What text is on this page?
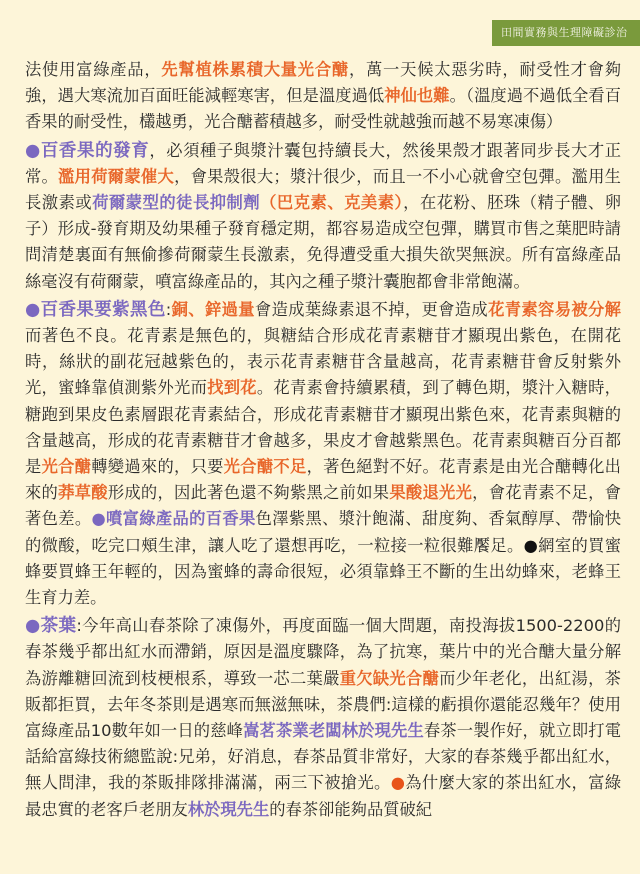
田間實務與生理障礙診治

法使用富綠產品，先幫植株累積大量光合醣，萬一天候太惡劣時，耐受性才會夠強，遇大寒流加百面旺能減輕寒害，但是溫度過低神仙也難。（溫度過不過低全看百香果的耐受性，欉越勇，光合醣蓄積越多，耐受性就越強而越不易寒凍傷）

●百香果的發育，必須種子與漿汁囊包持續長大，然後果殼才跟著同步長大才正常。濫用荷爾蒙催大，會果殼很大；漿汁很少，而且一不小心就會空包彈。濫用生長激素或荷爾蒙型的徒長抑制劑（巴克素、克美素），在花粉、胚珠（精子體、卵子）形成-發育期及幼果種子發育穩定期，都容易造成空包彈，購買市售之葉肥時請問清楚裏面有無偷摻荷爾蒙生長激素，免得遭受重大損失欲哭無淚。所有富綠產品絲毫沒有荷爾蒙，噴富綠產品的，其內之種子漿汁囊胞都會非常飽滿。

●百香果要紫黑色:銅、鋅過量會造成葉綠素退不掉，更會造成花青素容易被分解而著色不良。花青素是無色的，與糖結合形成花青素糖苷才顯現出紫色，在開花時，絲狀的副花冠越紫色的，表示花青素糖苷含量越高，花青素糖苷會反射紫外光，蜜蜂靠偵測紫外光而找到花。花青素會持續累積，到了轉色期，漿汁入糖時，糖跑到果皮色素層跟花青素結合，形成花青素糖苷才顯現出紫色來，花青素與糖的含量越高，形成的花青素糖苷才會越多，果皮才會越紫黑色。花青素與糖百分百都是光合醣轉變過來的，只要光合醣不足，著色絕對不好。花青素是由光合醣轉化出來的莽草酸形成的，因此著色還不夠紫黑之前如果果酸退光光，會花青素不足，會著色差。●噴富綠產品的百香果色澤紫黑、漿汁飽滿、甜度夠、香氣醇厚、帶愉快的微酸，吃完口頰生津，讓人吃了還想再吃，一粒接一粒很難饜足。●網室的買蜜蜂要買蜂王年輕的，因為蜜蜂的壽命很短，必須靠蜂王不斷的生出幼蜂來，老蜂王生育力差。

●茶葉:今年高山春茶除了凍傷外，再度面臨一個大問題，南投海拔1500-2200的春茶幾乎都出紅水而滯銷，原因是溫度驟降，為了抗寒，葉片中的光合醣大量分解為游離糖回流到枝梗根系，導致一芯二葉嚴重欠缺光合醣而少年老化，出紅湯，茶販都拒買，去年冬茶則是遇寒而無滋無味，茶農們:這樣的虧損你還能忍幾年？使用富綠產品10數年如一日的慈峰嵩茗茶業老闆林於現先生春茶一製作好，就立即打電話給富綠技術總監說:兄弟，好消息，春茶品質非常好，大家的春茶幾乎都出紅水，無人問津，我的茶販排隊排滿滿，兩三下被搶光。●為什麼大家的茶出紅水，富綠最忠實的老客戶老朋友林於現先生的春茶卻能夠品質破紀
